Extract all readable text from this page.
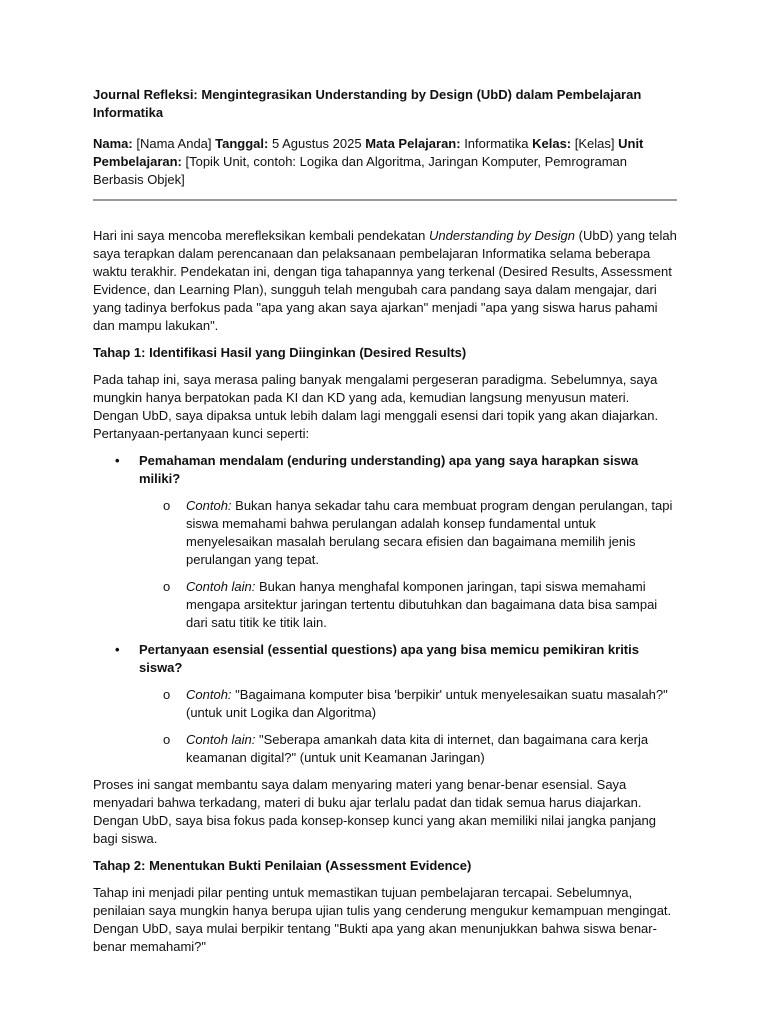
Journal Refleksi: Mengintegrasikan Understanding by Design (UbD) dalam Pembelajaran Informatika

Nama: [Nama Anda] Tanggal: 5 Agustus 2025 Mata Pelajaran: Informatika Kelas: [Kelas] Unit Pembelajaran: [Topik Unit, contoh: Logika dan Algoritma, Jaringan Komputer, Pemrograman Berbasis Objek]

Hari ini saya mencoba merefleksikan kembali pendekatan Understanding by Design (UbD) yang telah saya terapkan dalam perencanaan dan pelaksanaan pembelajaran Informatika selama beberapa waktu terakhir. Pendekatan ini, dengan tiga tahapannya yang terkenal (Desired Results, Assessment Evidence, dan Learning Plan), sungguh telah mengubah cara pandang saya dalam mengajar, dari yang tadinya berfokus pada "apa yang akan saya ajarkan" menjadi "apa yang siswa harus pahami dan mampu lakukan".

Tahap 1: Identifikasi Hasil yang Diinginkan (Desired Results)

Pada tahap ini, saya merasa paling banyak mengalami pergeseran paradigma. Sebelumnya, saya mungkin hanya berpatokan pada KI dan KD yang ada, kemudian langsung menyusun materi. Dengan UbD, saya dipaksa untuk lebih dalam lagi menggali esensi dari topik yang akan diajarkan. Pertanyaan-pertanyaan kunci seperti:

• Pemahaman mendalam (enduring understanding) apa yang saya harapkan siswa miliki?
o Contoh: Bukan hanya sekadar tahu cara membuat program dengan perulangan, tapi siswa memahami bahwa perulangan adalah konsep fundamental untuk menyelesaikan masalah berulang secara efisien dan bagaimana memilih jenis perulangan yang tepat.
o Contoh lain: Bukan hanya menghafal komponen jaringan, tapi siswa memahami mengapa arsitektur jaringan tertentu dibutuhkan dan bagaimana data bisa sampai dari satu titik ke titik lain.
• Pertanyaan esensial (essential questions) apa yang bisa memicu pemikiran kritis siswa?
o Contoh: "Bagaimana komputer bisa 'berpikir' untuk menyelesaikan suatu masalah?" (untuk unit Logika dan Algoritma)
o Contoh lain: "Seberapa amankah data kita di internet, dan bagaimana cara kerja keamanan digital?" (untuk unit Keamanan Jaringan)

Proses ini sangat membantu saya dalam menyaring materi yang benar-benar esensial. Saya menyadari bahwa terkadang, materi di buku ajar terlalu padat dan tidak semua harus diajarkan. Dengan UbD, saya bisa fokus pada konsep-konsep kunci yang akan memiliki nilai jangka panjang bagi siswa.

Tahap 2: Menentukan Bukti Penilaian (Assessment Evidence)

Tahap ini menjadi pilar penting untuk memastikan tujuan pembelajaran tercapai. Sebelumnya, penilaian saya mungkin hanya berupa ujian tulis yang cenderung mengukur kemampuan mengingat. Dengan UbD, saya mulai berpikir tentang "Bukti apa yang akan menunjukkan bahwa siswa benar-benar memahami?"
